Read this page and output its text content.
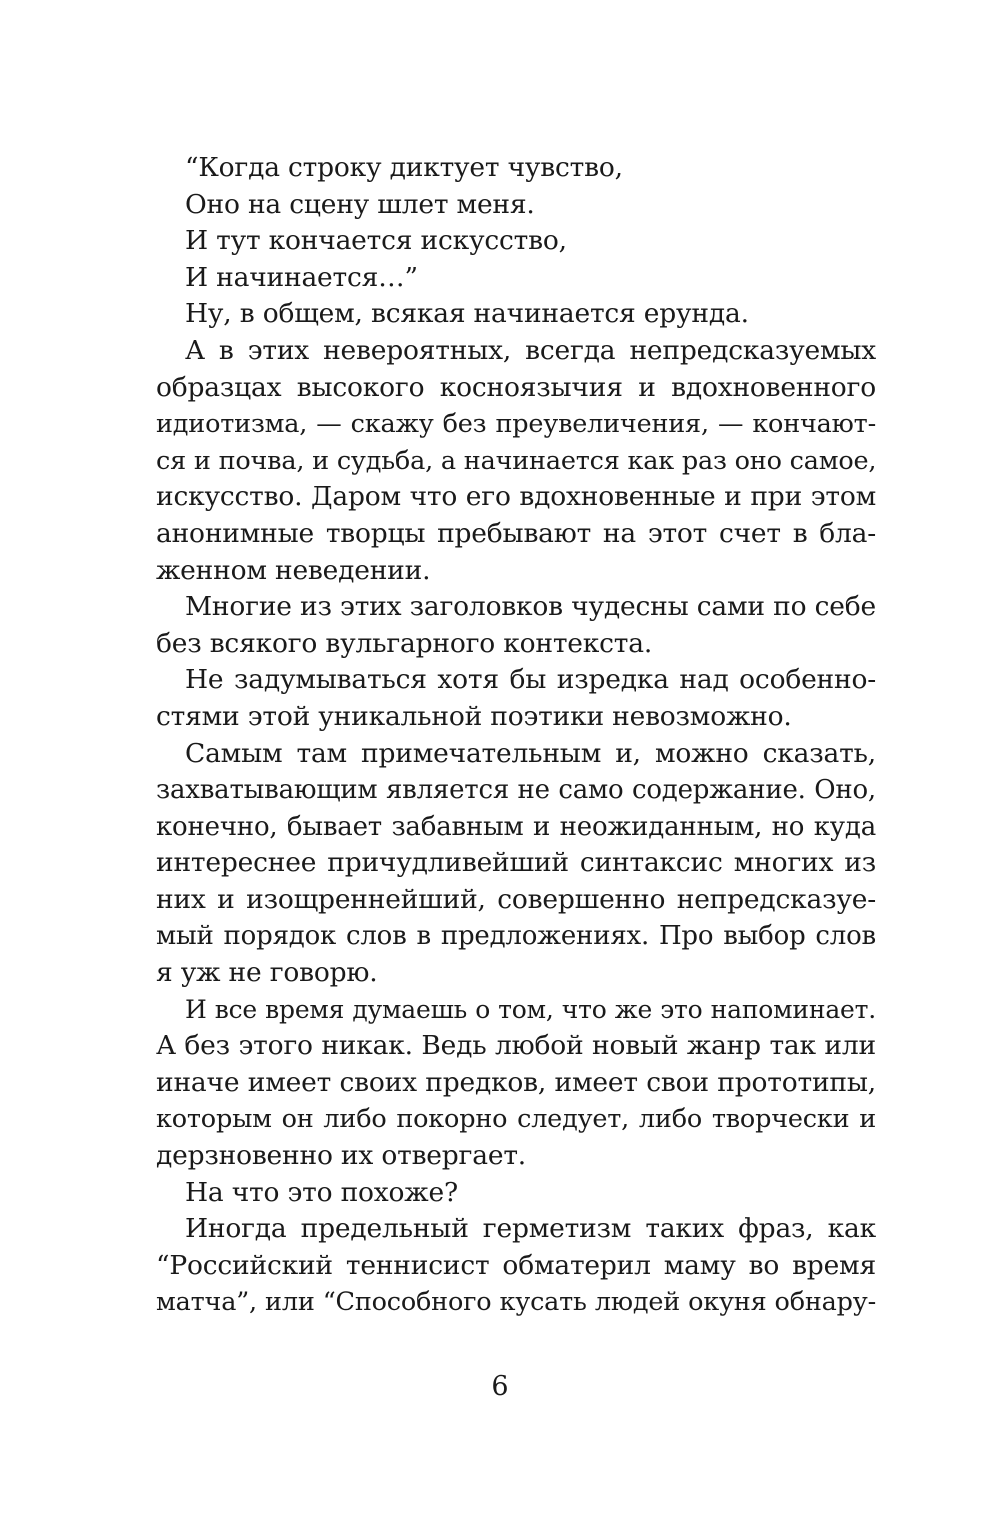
“Когда строку диктует чувство,
Оно на сцену шлет меня.
И тут кончается искусство,
И начинается…”
Ну, в общем, всякая начинается ерунда.
А в этих невероятных, всегда непредсказуемых
образцах высокого косноязычия и вдохновенного
идиотизма, — скажу без преувеличения, — кончают-
ся и почва, и судьба, а начинается как раз оно самое,
искусство. Даром что его вдохновенные и при этом
анонимные творцы пребывают на этот счет в бла-
женном неведении.
Многие из этих заголовков чудесны сами по себе
без всякого вульгарного контекста.
Не задумываться хотя бы изредка над особенно-
стями этой уникальной поэтики невозможно.
Самым там примечательным и, можно сказать,
захватывающим является не само содержание. Оно,
конечно, бывает забавным и неожиданным, но куда
интереснее причудливейший синтаксис многих из
них и изощреннейший, совершенно непредсказуе-
мый порядок слов в предложениях. Про выбор слов
я уж не говорю.
И все время думаешь о том, что же это напоминает.
А без этого никак. Ведь любой новый жанр так или
иначе имеет своих предков, имеет свои прототипы,
которым он либо покорно следует, либо творчески и
дерзновенно их отвергает.
На что это похоже?
Иногда предельный герметизм таких фраз, как
“Российский теннисист обматерил маму во время
матча”, или “Способного кусать людей окуня обнару-
6
